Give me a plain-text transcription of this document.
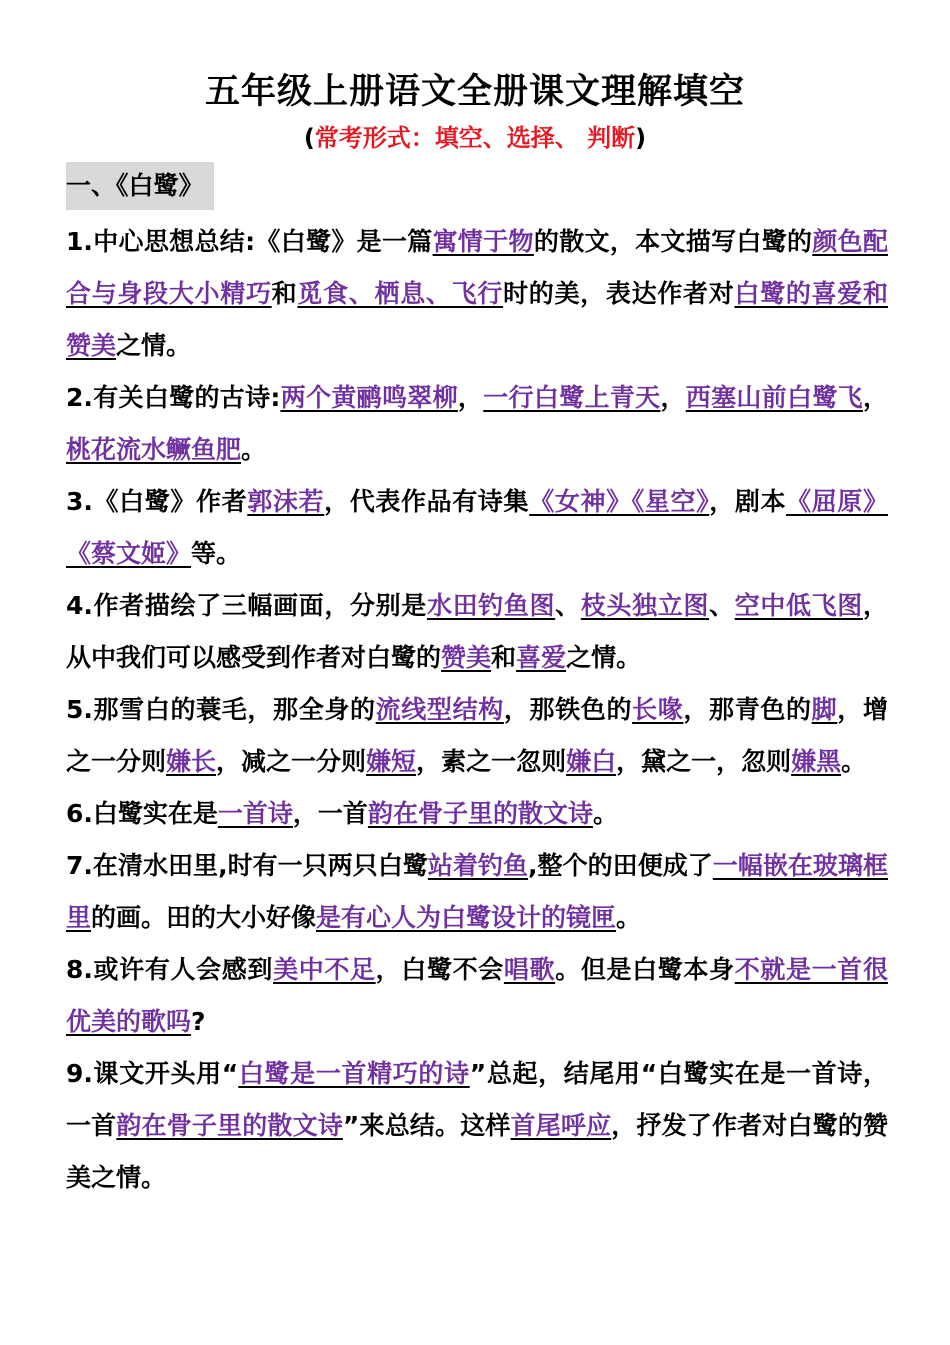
五年级上册语文全册课文理解填空
(常考形式：填空、选择、 判断)
一、《白鹭》
1.中心思想总结:《白鹭》是一篇寓情于物的散文，本文描写白鹭的颜色配合与身段大小精巧和觅食、栖息、飞行时的美，表达作者对白鹭的喜爱和赞美之情。
2.有关白鹭的古诗:两个黄鹂鸣翠柳，一行白鹭上青天，西塞山前白鹭飞，桃花流水鳜鱼肥。
3.《白鹭》作者郭沫若，代表作品有诗集《女神》《星空》，剧本《屈原》《蔡文姬》等。
4.作者描绘了三幅画面，分别是水田钓鱼图、枝头独立图、空中低飞图，从中我们可以感受到作者对白鹭的赞美和喜爱之情。
5.那雪白的蓑毛，那全身的流线型结构，那铁色的长喙，那青色的脚，增之一分则嫌长，减之一分则嫌短，素之一忽则嫌白，黛之一，忽则嫌黑。
6.白鹭实在是一首诗，一首韵在骨子里的散文诗。
7.在清水田里,时有一只两只白鹭站着钓鱼,整个的田便成了一幅嵌在玻璃框里的画。田的大小好像是有心人为白鹭设计的镜匣。
8.或许有人会感到美中不足，白鹭不会唱歌。但是白鹭本身不就是一首很优美的歌吗?
9.课文开头用“白鹭是一首精巧的诗”总起，结尾用“白鹭实在是一首诗，一首韵在骨子里的散文诗”来总结。这样首尾呼应，抒发了作者对白鹭的赞美之情。
